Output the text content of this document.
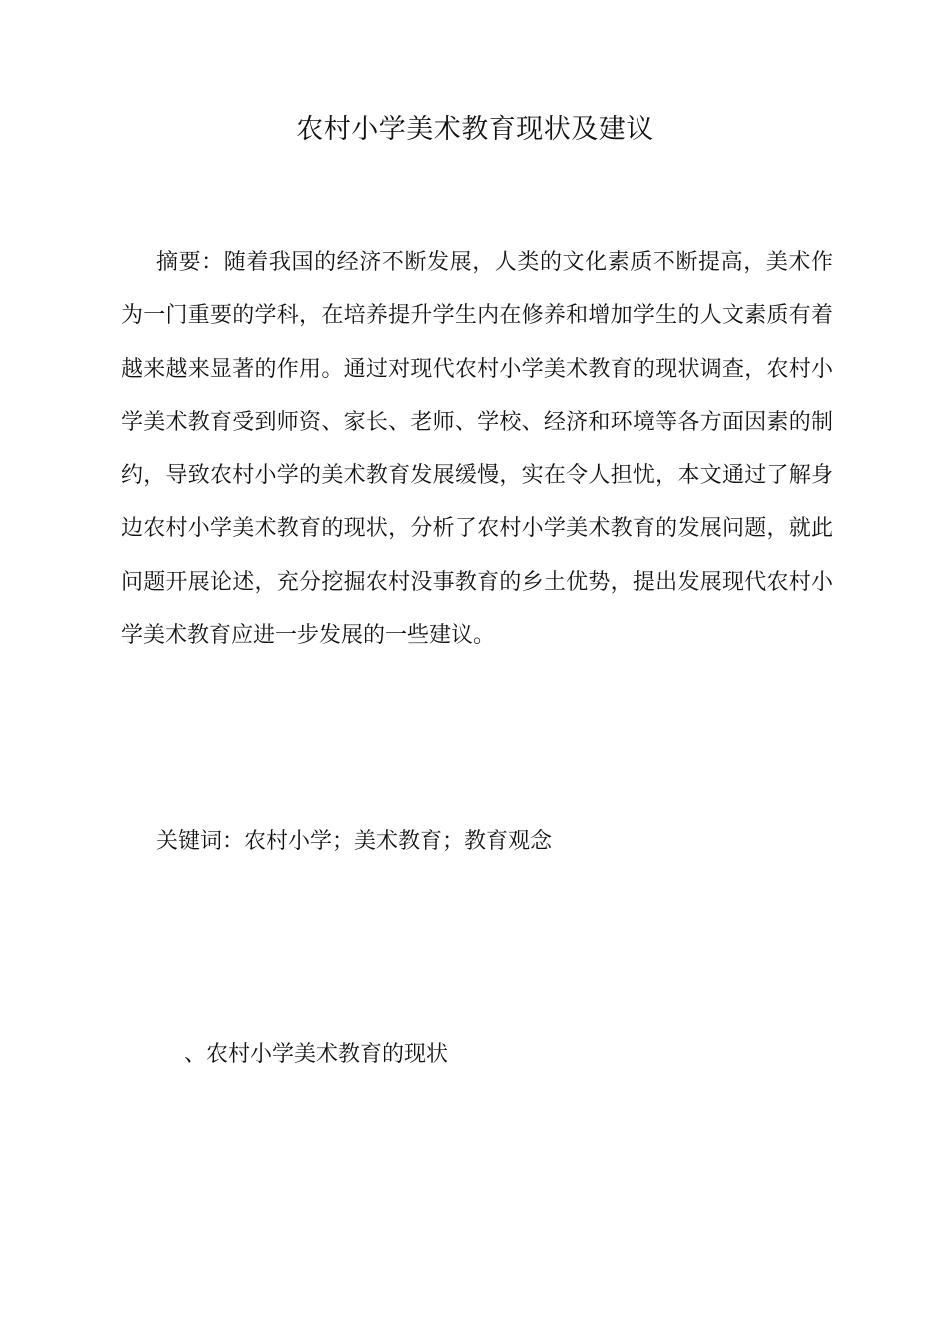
农村小学美术教育现状及建议

摘要：随着我国的经济不断发展，人类的文化素质不断提高，美术作为一门重要的学科，在培养提升学生内在修养和增加学生的人文素质有着越来越来显著的作用。通过对现代农村小学美术教育的现状调查，农村小学美术教育受到师资、家长、老师、学校、经济和环境等各方面因素的制约，导致农村小学的美术教育发展缓慢，实在令人担忧，本文通过了解身边农村小学美术教育的现状，分析了农村小学美术教育的发展问题，就此问题开展论述，充分挖掘农村没事教育的乡土优势，提出发展现代农村小学美术教育应进一步发展的一些建议。

关键词：农村小学；美术教育；教育观念

、农村小学美术教育的现状
